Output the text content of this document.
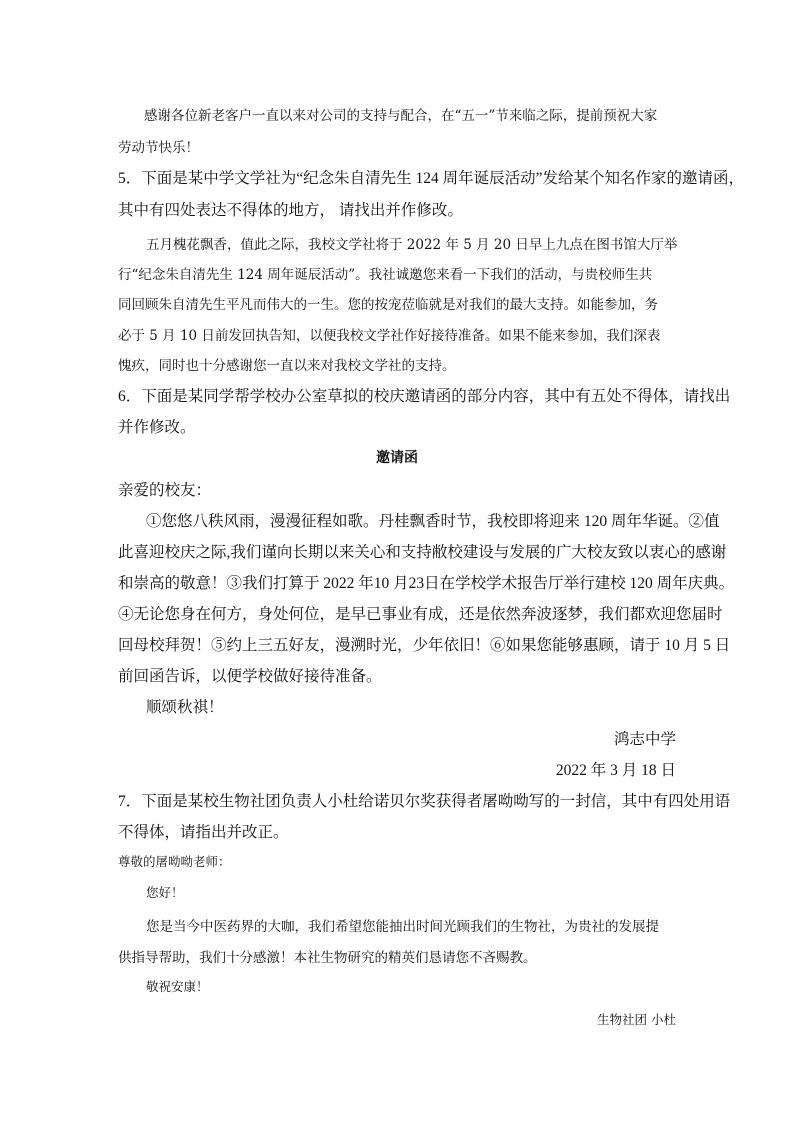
感谢各位新老客户一直以来对公司的支持与配合，在“五一”节来临之际，提前预祝大家
劳动节快乐！
5．下面是某中学文学社为“纪念朱自清先生 124 周年诞辰活动”发给某个知名作家的邀请函，
其中有四处表达不得体的地方， 请找出并作修改。
五月槐花飘香，值此之际，我校文学社将于 2022 年 5 月 20 日早上九点在图书馆大厅举
行“纪念朱自清先生 124 周年诞辰活动”。我社诚邀您来看一下我们的活动，与贵校师生共
同回顾朱自清先生平凡而伟大的一生。您的按宠莅临就是对我们的最大支持。如能参加，务
必于 5 月 10 日前发回执告知，以便我校文学社作好接待准备。如果不能来参加，我们深表
愧疚，同时也十分感谢您一直以来对我校文学社的支持。
6．下面是某同学帮学校办公室草拟的校庆邀请函的部分内容，其中有五处不得体，请找出
并作修改。
邀请函
亲爱的校友：
①您悠八秩风雨，漫漫征程如歌。丹桂飘香时节，我校即将迎来 120 周年华诞。②值
此喜迎校庆之际,我们谨向长期以来关心和支持敝校建设与发展的广大校友致以衷心的感谢
和崇高的敬意！③我们打算于 2022 年10 月23日在学校学术报告厅举行建校 120 周年庆典。
④无论您身在何方，身处何位，是早已事业有成，还是依然奔波逐梦，我们都欢迎您届时
回母校拜贺！⑤约上三五好友，漫溯时光，少年依旧！⑥如果您能够惠顾，请于 10 月 5 日
前回函告诉，以便学校做好接待准备。
顺颂秋祺！
鸿志中学
2022 年 3 月 18 日
7．下面是某校生物社团负责人小杜给诺贝尔奖获得者屠呦呦写的一封信，其中有四处用语
不得体，请指出并改正。
尊敬的屠呦呦老师：
您好！
您是当今中医药界的大咖，我们希望您能抽出时间光顾我们的生物社，为贵社的发展提
供指导帮助，我们十分感激！本社生物研究的精英们恳请您不吝赐教。
敬祝安康！
生物社团 小杜
